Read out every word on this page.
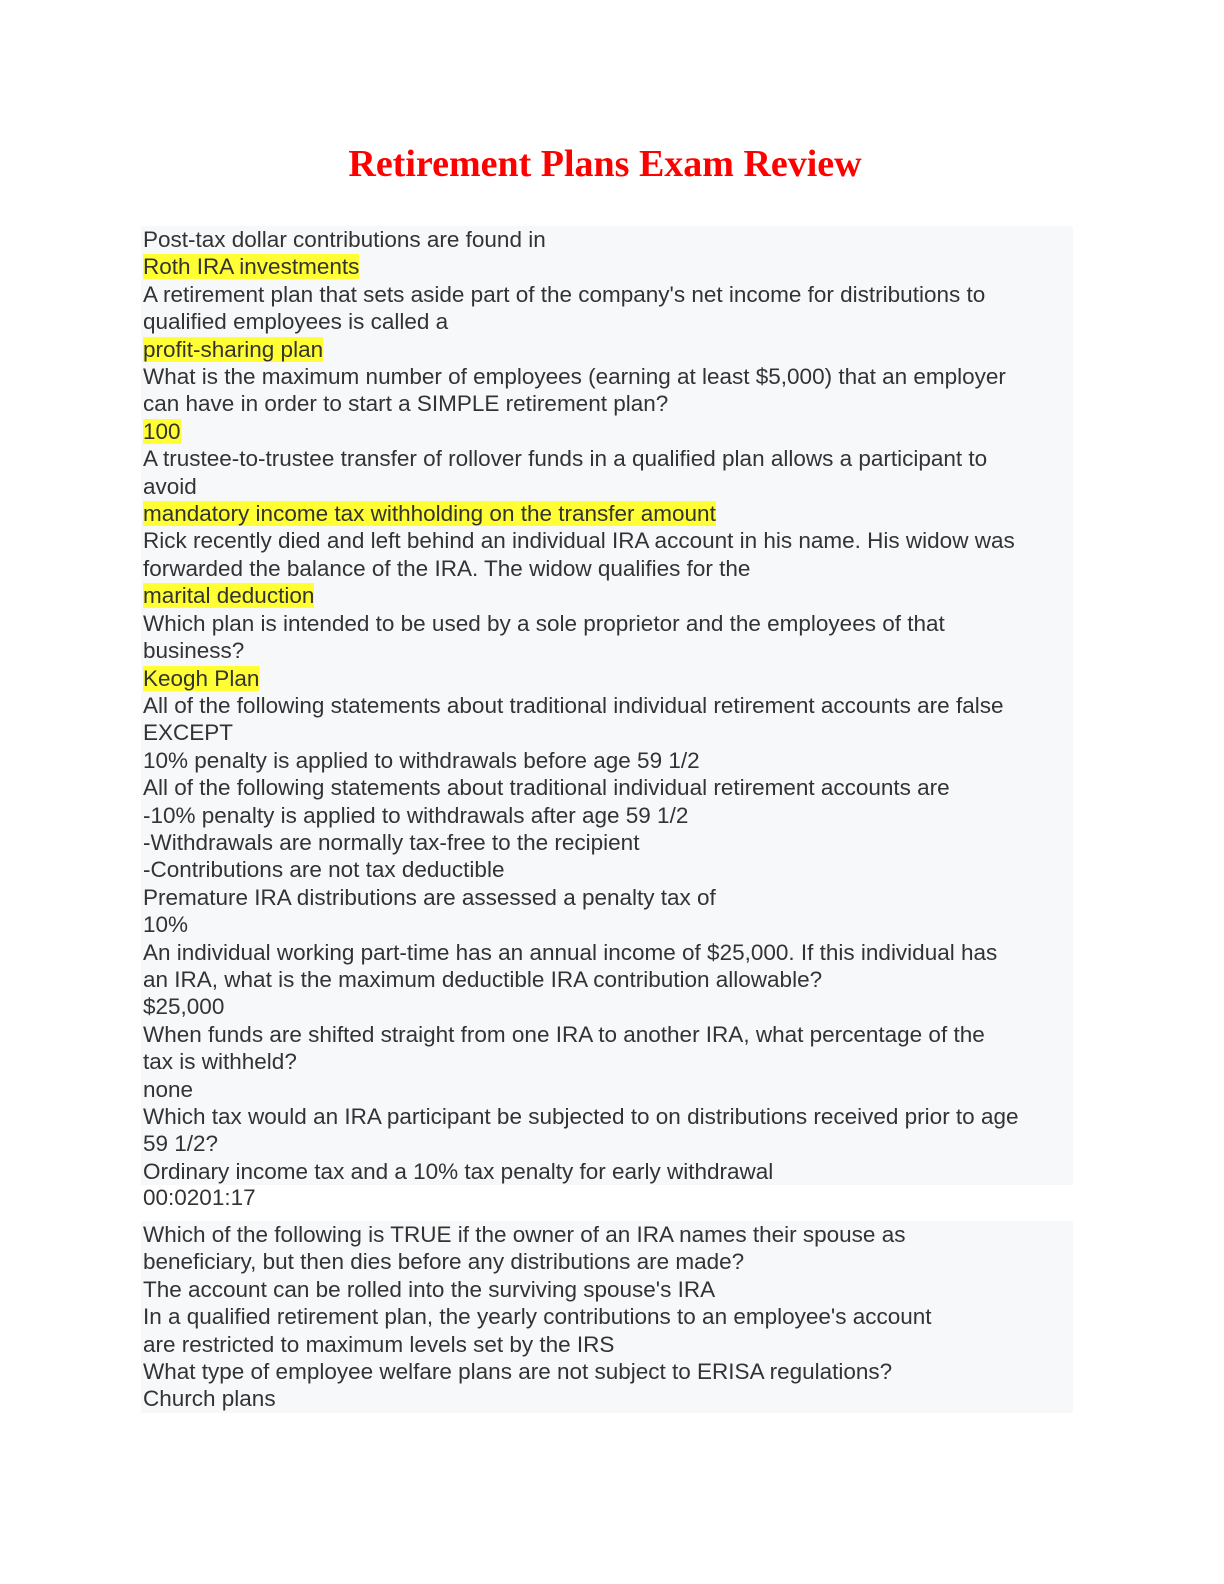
Retirement Plans Exam Review

Post-tax dollar contributions are found in

Roth IRA investments

A retirement plan that sets aside part of the company's net income for distributions to

qualified employees is called a

profit-sharing plan

What is the maximum number of employees (earning at least $5,000) that an employer

can have in order to start a SIMPLE retirement plan?

100

A trustee-to-trustee transfer of rollover funds in a qualified plan allows a participant to

avoid

mandatory income tax withholding on the transfer amount

Rick recently died and left behind an individual IRA account in his name. His widow was

forwarded the balance of the IRA. The widow qualifies for the

marital deduction

Which plan is intended to be used by a sole proprietor and the employees of that

business?

Keogh Plan

All of the following statements about traditional individual retirement accounts are false

EXCEPT

10% penalty is applied to withdrawals before age 59 1/2

All of the following statements about traditional individual retirement accounts are

-10% penalty is applied to withdrawals after age 59 1/2

-Withdrawals are normally tax-free to the recipient

-Contributions are not tax deductible

Premature IRA distributions are assessed a penalty tax of

10%

An individual working part-time has an annual income of $25,000. If this individual has

an IRA, what is the maximum deductible IRA contribution allowable?

$25,000

When funds are shifted straight from one IRA to another IRA, what percentage of the

tax is withheld?

none

Which tax would an IRA participant be subjected to on distributions received prior to age

59 1/2?

Ordinary income tax and a 10% tax penalty for early withdrawal

00:0201:17

Which of the following is TRUE if the owner of an IRA names their spouse as

beneficiary, but then dies before any distributions are made?

The account can be rolled into the surviving spouse's IRA

In a qualified retirement plan, the yearly contributions to an employee's account

are restricted to maximum levels set by the IRS

What type of employee welfare plans are not subject to ERISA regulations?

Church plans
